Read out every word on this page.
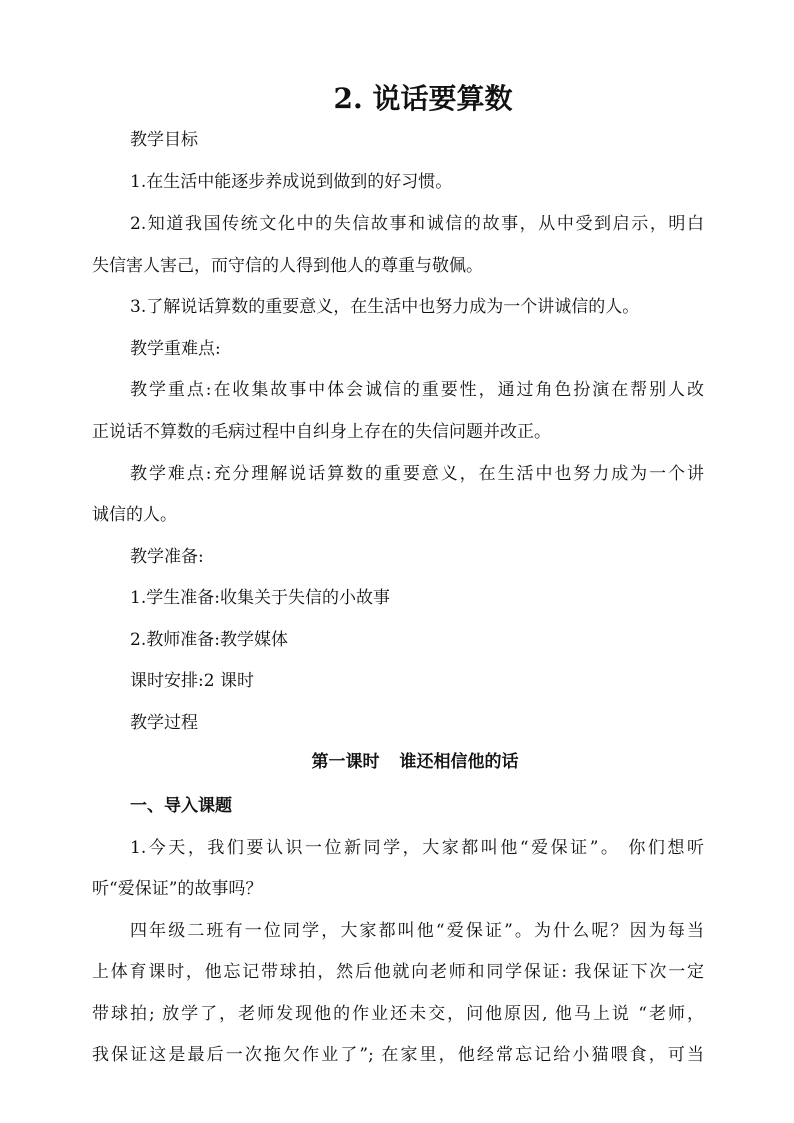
2. 说话要算数
教学目标
1.在生活中能逐步养成说到做到的好习惯。
2.知道我国传统文化中的失信故事和诚信的故事，从中受到启示，明白
失信害人害己，而守信的人得到他人的尊重与敬佩。
3.了解说话算数的重要意义，在生活中也努力成为一个讲诚信的人。
教学重难点:
教学重点:在收集故事中体会诚信的重要性，通过角色扮演在帮别人改
正说话不算数的毛病过程中自纠身上存在的失信问题并改正。
教学难点:充分理解说话算数的重要意义，在生活中也努力成为一个讲
诚信的人。
教学准备:
1.学生准备:收集关于失信的小故事
2.教师准备:教学媒体
课时安排:2 课时
教学过程
第一课时 谁还相信他的话
一、导入课题
1.今天，我们要认识一位新同学，大家都叫他“爱保证”。 你们想听
听“爱保证”的故事吗？
四年级二班有一位同学，大家都叫他“爱保证”。为什么呢？因为每当
上体育课时，他忘记带球拍，然后他就向老师和同学保证: 我保证下次一定
带球拍; 放学了，老师发现他的作业还未交，问他原因, 他马上说 “老师，
我保证这是最后一次拖欠作业了”; 在家里，他经常忘记给小猫喂食，可当
